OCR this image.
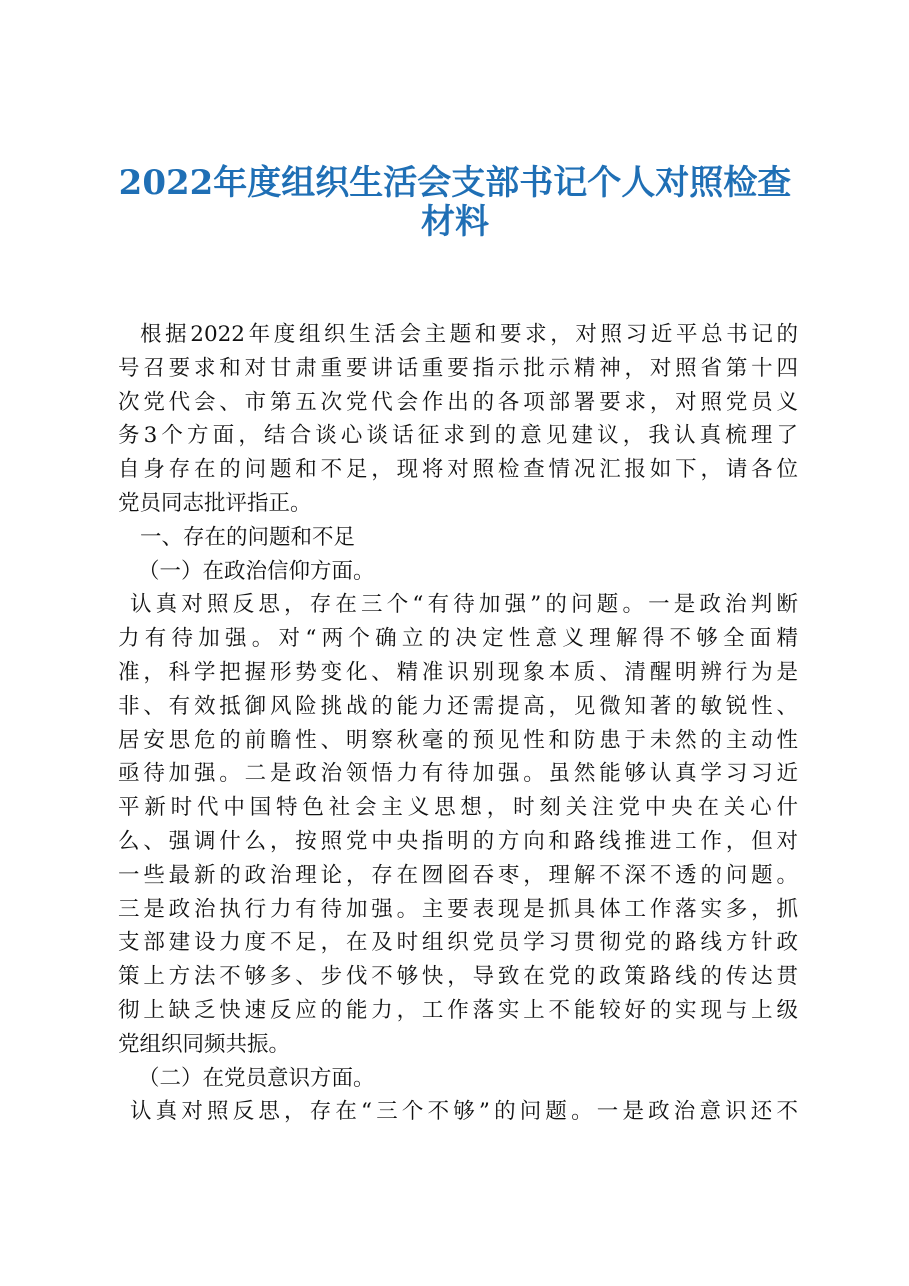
2022年度组织生活会支部书记个人对照检查
材料
根据2022年度组织生活会主题和要求，对照习近平总书记的
号召要求和对甘肃重要讲话重要指示批示精神，对照省第十四
次党代会、市第五次党代会作出的各项部署要求，对照党员义
务3个方面，结合谈心谈话征求到的意见建议，我认真梳理了
自身存在的问题和不足，现将对照检查情况汇报如下，请各位
党员同志批评指正。
一、存在的问题和不足
（一）在政治信仰方面。
认真对照反思，存在三个“有待加强”的问题。一是政治判断
力有待加强。对“两个确立的决定性意义理解得不够全面精
准，科学把握形势变化、精准识别现象本质、清醒明辨行为是
非、有效抵御风险挑战的能力还需提高，见微知著的敏锐性、
居安思危的前瞻性、明察秋毫的预见性和防患于未然的主动性
亟待加强。二是政治领悟力有待加强。虽然能够认真学习习近
平新时代中国特色社会主义思想，时刻关注党中央在关心什
么、强调什么，按照党中央指明的方向和路线推进工作，但对
一些最新的政治理论，存在囫囵吞枣，理解不深不透的问题。
三是政治执行力有待加强。主要表现是抓具体工作落实多，抓
支部建设力度不足，在及时组织党员学习贯彻党的路线方针政
策上方法不够多、步伐不够快，导致在党的政策路线的传达贯
彻上缺乏快速反应的能力，工作落实上不能较好的实现与上级
党组织同频共振。
（二）在党员意识方面。
认真对照反思，存在“三个不够”的问题。一是政治意识还不
